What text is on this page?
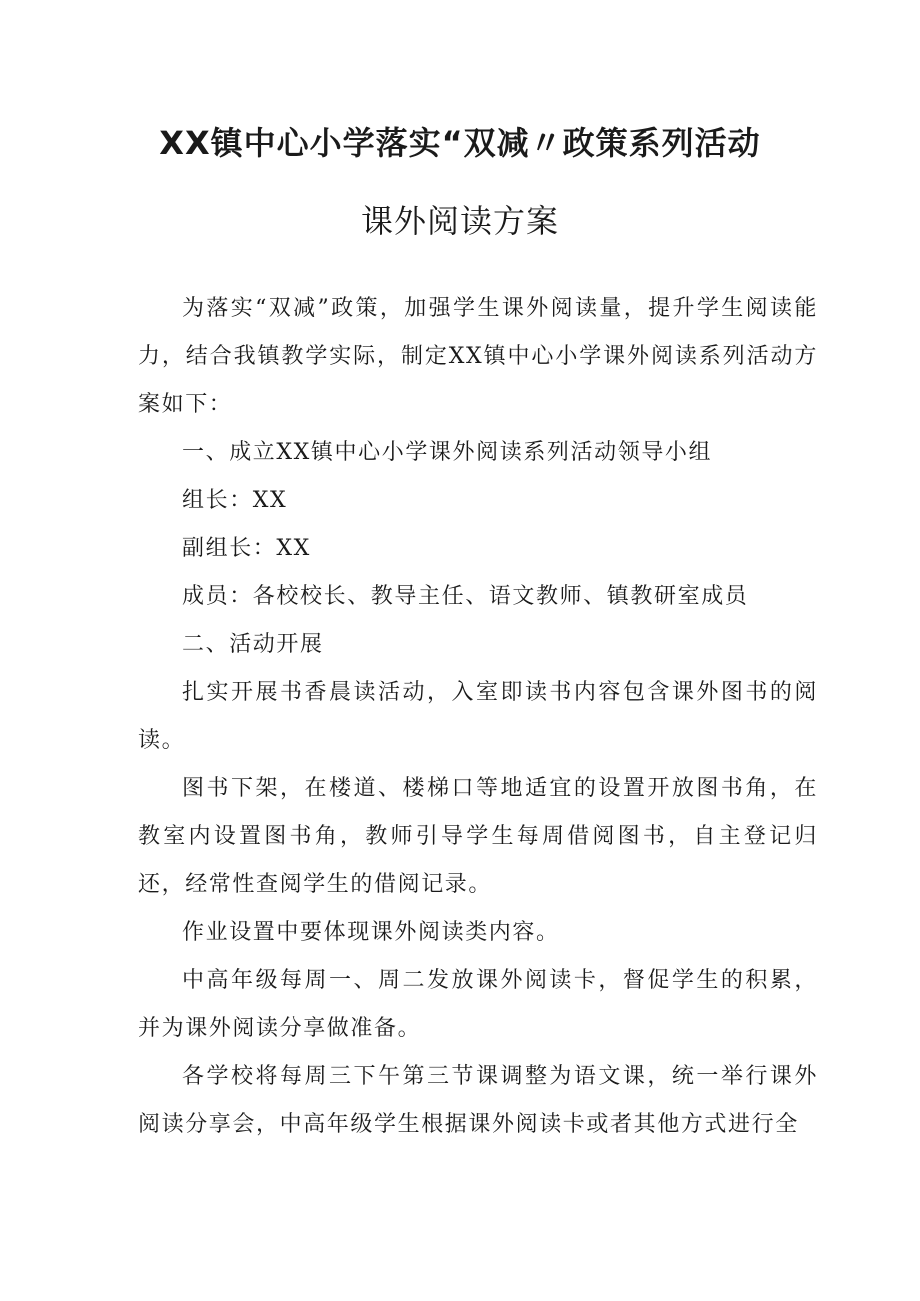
XX镇中心小学落实“双减〃政策系列活动
课外阅读方案

为落实“双减”政策，加强学生课外阅读量，提升学生阅读能力，结合我镇教学实际，制定XX镇中心小学课外阅读系列活动方案如下：

一、成立XX镇中心小学课外阅读系列活动领导小组

组长：XX

副组长：XX

成员：各校校长、教导主任、语文教师、镇教研室成员

二、活动开展

扎实开展书香晨读活动，入室即读书内容包含课外图书的阅读。

图书下架，在楼道、楼梯口等地适宜的设置开放图书角，在教室内设置图书角，教师引导学生每周借阅图书，自主登记归还，经常性查阅学生的借阅记录。

作业设置中要体现课外阅读类内容。

中高年级每周一、周二发放课外阅读卡，督促学生的积累，并为课外阅读分享做准备。

各学校将每周三下午第三节课调整为语文课，统一举行课外阅读分享会，中高年级学生根据课外阅读卡或者其他方式进行全
